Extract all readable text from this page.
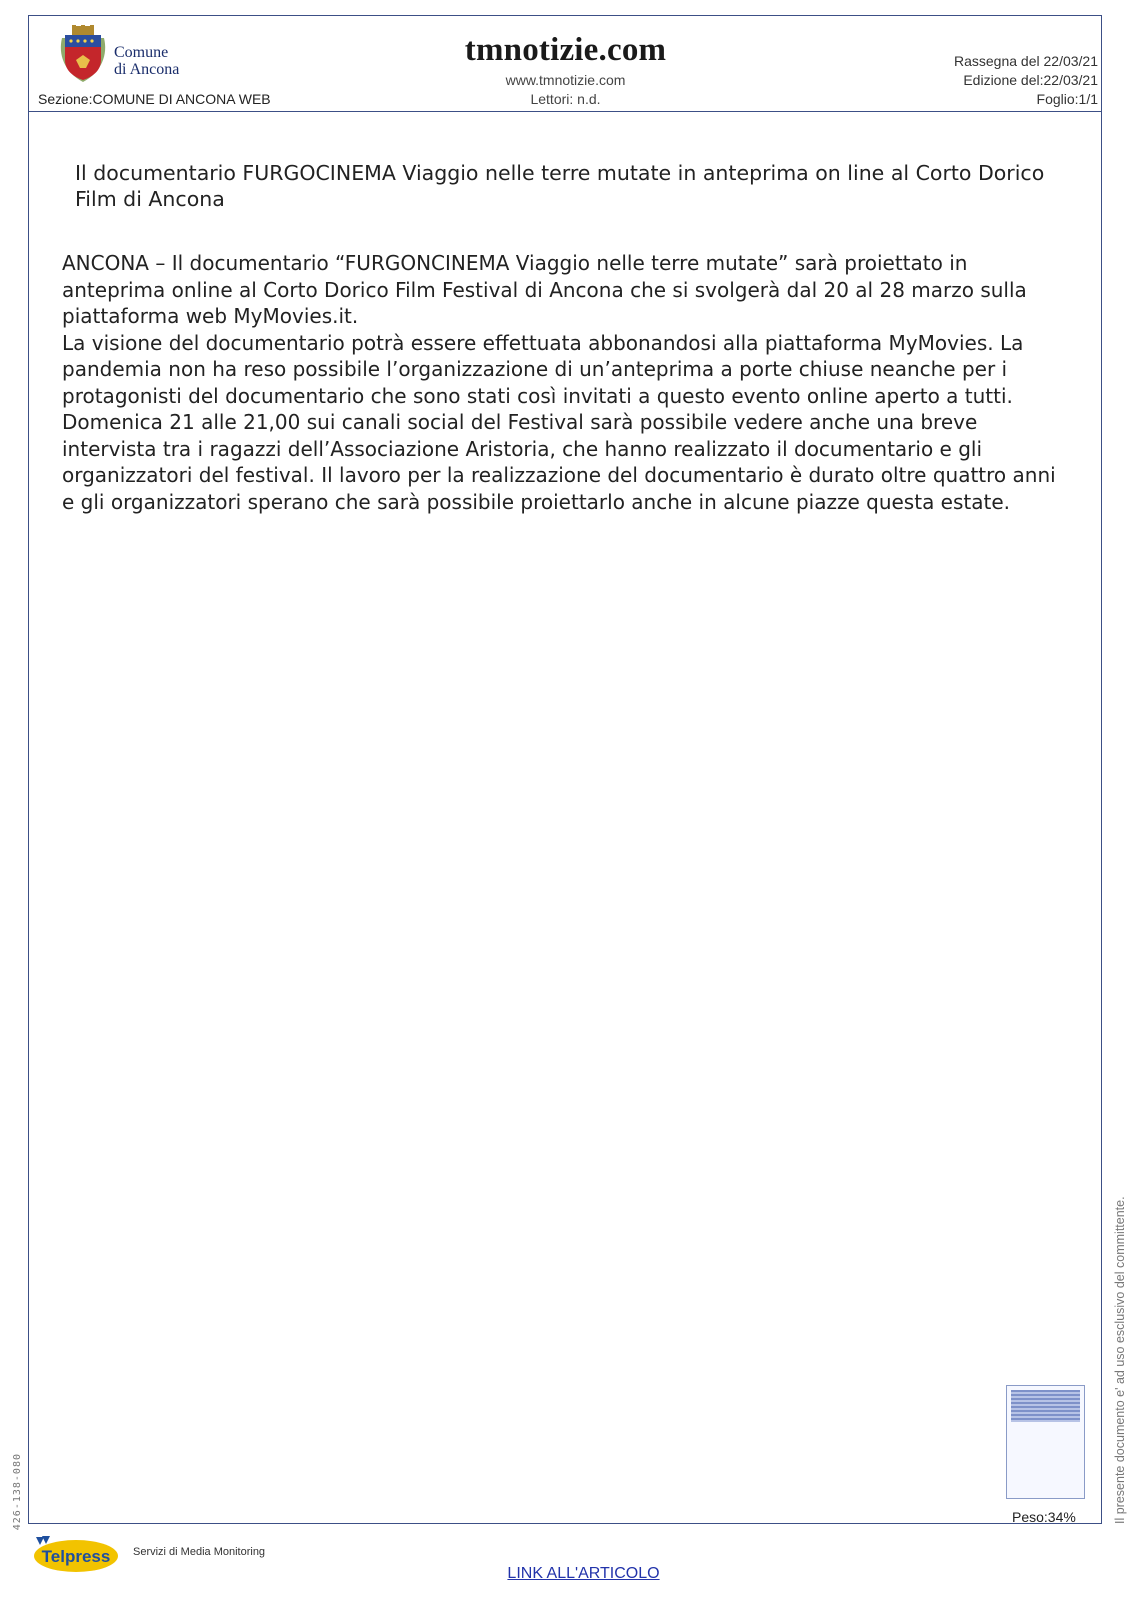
Comune
di Ancona
Sezione:COMUNE DI ANCONA WEB
tmnotizie.com
www.tmnotizie.com
Lettori: n.d.
Rassegna del 22/03/21
Edizione del:22/03/21
Foglio:1/1
Il documentario FURGOCINEMA Viaggio nelle terre mutate in anteprima on line al Corto Dorico Film di Ancona

ANCONA – Il documentario “FURGONCINEMA Viaggio nelle terre mutate” sarà proiettato in anteprima online al Corto Dorico Film Festival di Ancona che si svolgerà dal 20 al 28 marzo sulla piattaforma web MyMovies.it.

La visione del documentario potrà essere effettuata abbonandosi alla piattaforma MyMovies. La pandemia non ha reso possibile l’organizzazione di un’anteprima a porte chiuse neanche per i protagonisti del documentario che sono stati così invitati a questo evento online aperto a tutti. Domenica 21 alle 21,00 sui canali social del Festival sarà possibile vedere anche una breve intervista tra i ragazzi dell’Associazione Aristoria, che hanno realizzato il documentario e gli organizzatori del festival. Il lavoro per la realizzazione del documentario è durato oltre quattro anni e gli organizzatori sperano che sarà possibile proiettarlo anche in alcune piazze questa estate.

Peso:34%	Il presente documento e' ad uso esclusivo del committente.
426-138-080
Telpress Servizi di Media Monitoring
LINK ALL'ARTICOLO
